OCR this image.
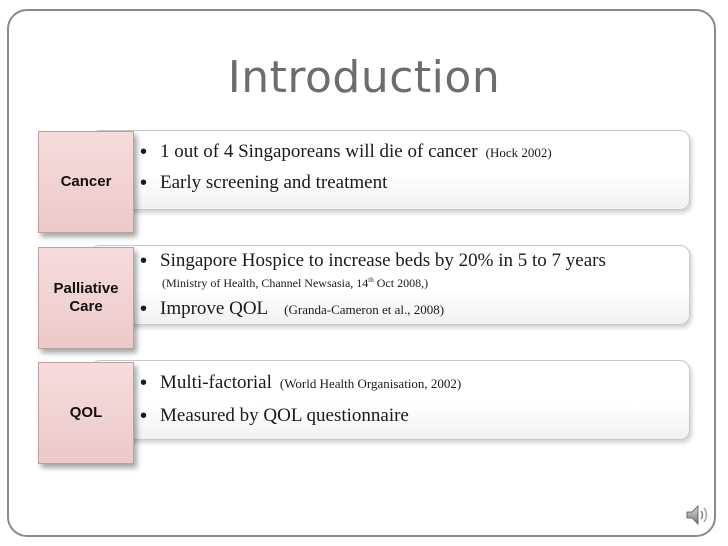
Introduction
Cancer
• 1 out of 4 Singaporeans will die of cancer (Hock 2002)
• Early screening and treatment
Palliative
Care
• Singapore Hospice to increase beds by 20% in 5 to 7 years
(Ministry of Health, Channel Newsasia, 14th Oct 2008,)
• Improve QOL (Granda-Cameron et al., 2008)
QOL
• Multi-factorial (World Health Organisation, 2002)
• Measured by QOL questionnaire
